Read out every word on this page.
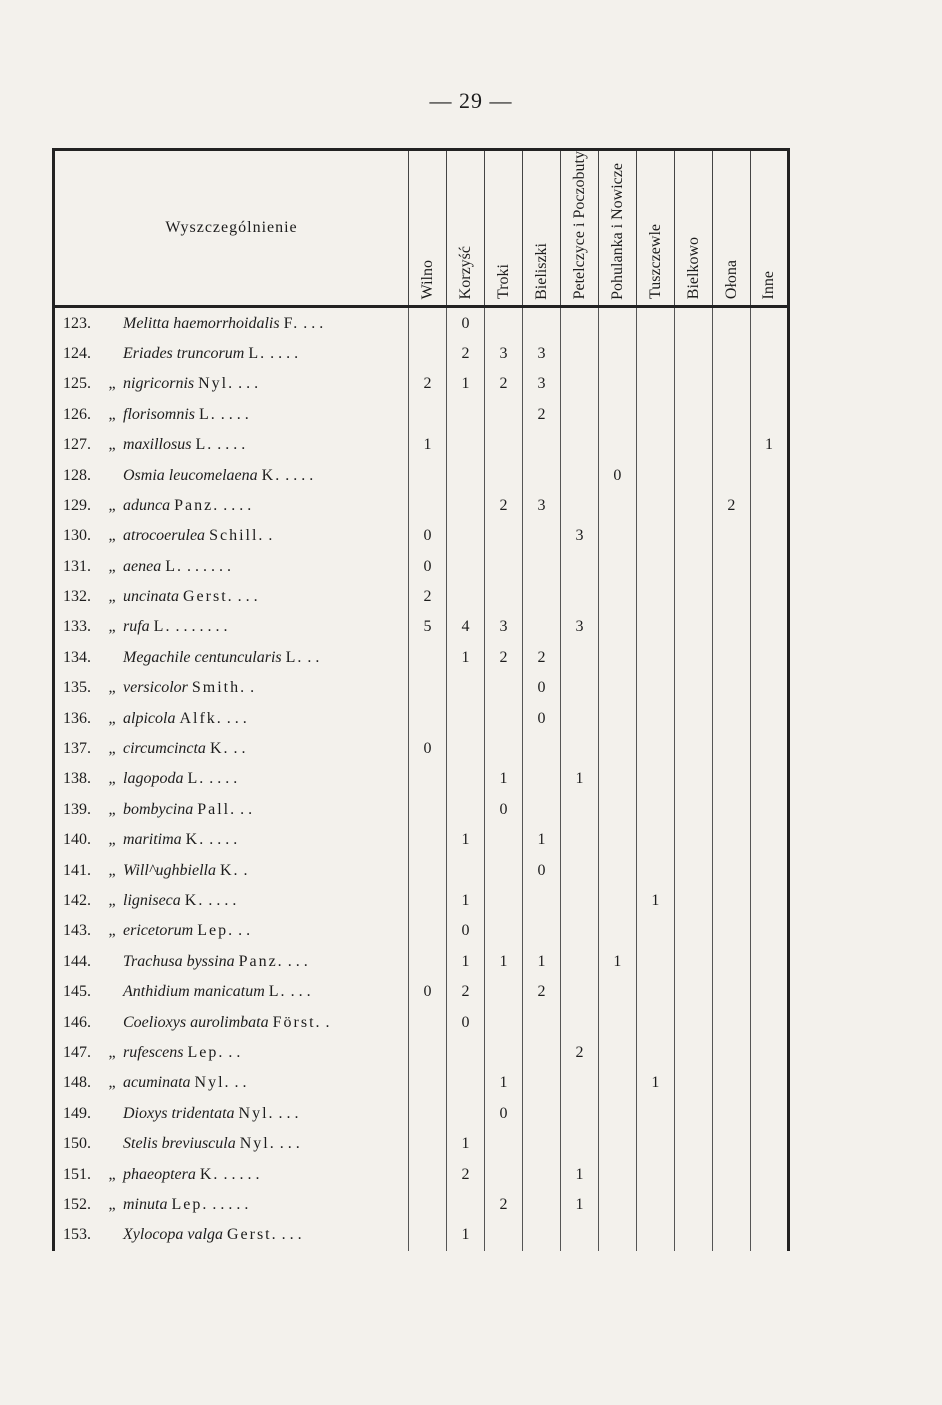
— 29 —
Wyszczególnienie	Wilno	Korzyść	Troki	Bieliszki	Petelczyce i Poczobuty	Pohulanka i Nowicze	Tuszczewle	Bielkowo	Ołona	Inne

123. Melitta haemorrhoidalis F. . . .		0								
124. Eriades truncorum L. . . . .		2	3	3						
125. „ nigricornis Nyl. . . .	2	1	2	3						
126. „ florisomnis L. . . . .				2						
127. „ maxillosus L. . . . .	1									1
128. Osmia leucomelaena K. . . . .						0				
129. „ adunca Panz. . . . .			2	3					2	
130. „ atrocoerulea Schill. .	0				3					
131. „ aenea L. . . . . . .	0									
132. „ uncinata Gerst. . . .	2									
133. „ rufa L. . . . . . . .	5	4	3		3					
134. Megachile centuncularis L. . .		1	2	2						
135. „ versicolor Smith. .				0						
136. „ alpicola Alfk. . . .				0						
137. „ circumcincta K. . .	0									
138. „ lagopoda L. . . . .			1		1					
139. „ bombycina Pall. . .			0							
140. „ maritima K. . . . .		1		1						
141. „ Will^ughbiella K. .				0						
142. „ ligniseca K. . . . .		1					1			
143. „ ericetorum Lep. . .		0								
144. Trachusa byssina Panz. . . .		1	1	1		1				
145. Anthidium manicatum L. . . .	0	2		2						
146. Coelioxys aurolimbata Först. .		0								
147. „ rufescens Lep. . .					2					
148. „ acuminata Nyl. . .			1				1			
149. Dioxys tridentata Nyl. . . .			0							
150. Stelis breviuscula Nyl. . . .		1								
151. „ phaeoptera K. . . . . .		2			1					
152. „ minuta Lep. . . . . .			2		1					
153. Xylocopa valga Gerst. . . .		1								
